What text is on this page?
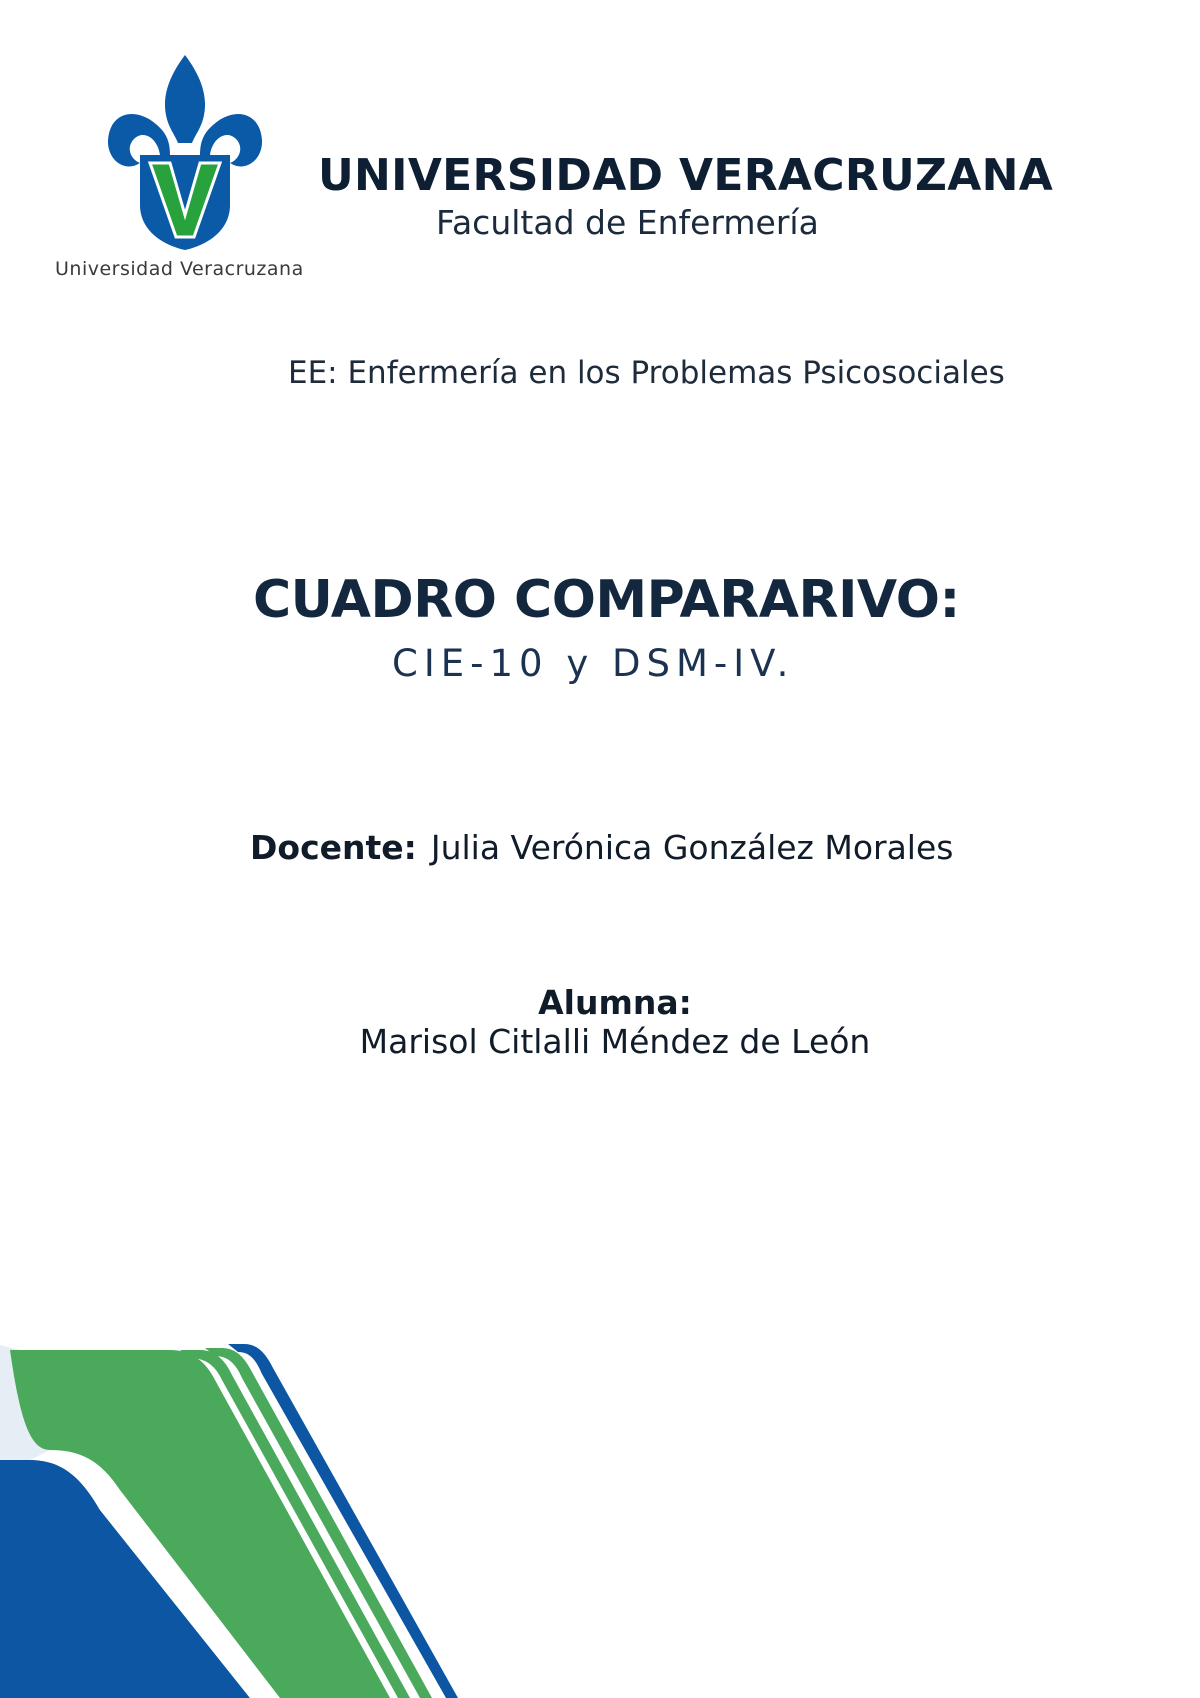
Universidad Veracruzana
UNIVERSIDAD VERACRUZANA
Facultad de Enfermería
EE: Enfermería en los Problemas Psicosociales
CUADRO COMPARARIVO:
CIE-10 y DSM-IV.
Docente: Julia Verónica González Morales
Alumna:
Marisol Citlalli Méndez de León
